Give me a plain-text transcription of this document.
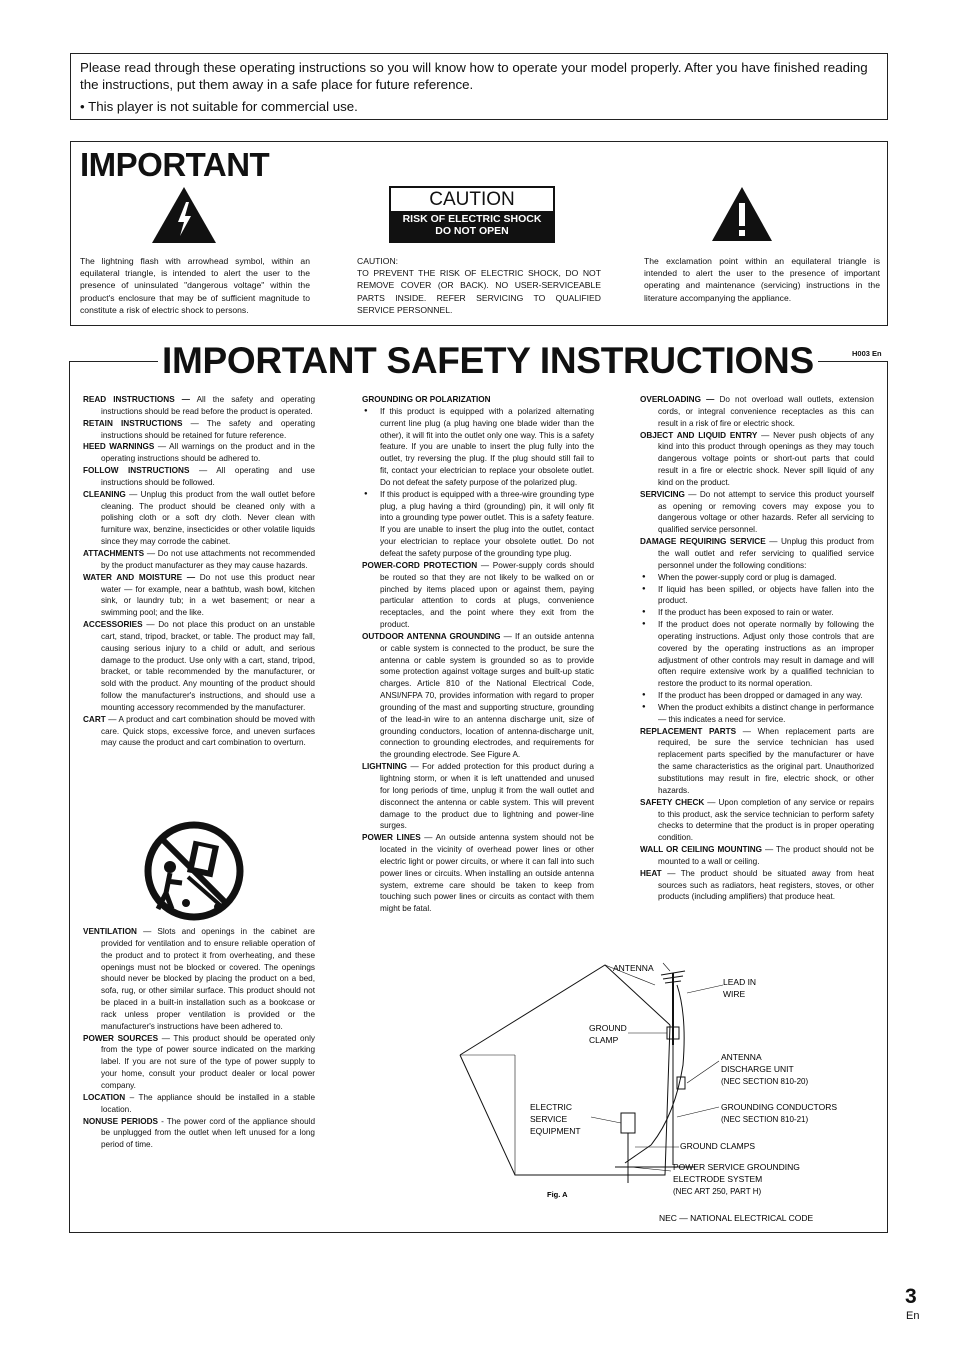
Please read through these operating instructions so you will know how to operate your model properly. After you have finished reading the instructions, put them away in a safe place for future reference.

• This player is not suitable for commercial use.

IMPORTANT
CAUTION
RISK OF ELECTRIC SHOCK
DO NOT OPEN
The lightning flash with arrowhead symbol, within an equilateral triangle, is intended to alert the user to the presence of uninsulated "dangerous voltage" within the product's enclosure that may be of sufficient magnitude to constitute a risk of electric shock to persons.
CAUTION:
TO PREVENT THE RISK OF ELECTRIC SHOCK, DO NOT REMOVE COVER (OR BACK). NO USER-SERVICEABLE PARTS INSIDE. REFER SERVICING TO QUALIFIED SERVICE PERSONNEL.
The exclamation point within an equilateral triangle is intended to alert the user to the presence of important operating and maintenance (servicing) instructions in the literature accompanying the appliance.
IMPORTANT SAFETY INSTRUCTIONS	H003 En

READ INSTRUCTIONS — All the safety and operating instructions should be read before the product is operated.

RETAIN INSTRUCTIONS — The safety and operating instructions should be retained for future reference.

HEED WARNINGS — All warnings on the product and in the operating instructions should be adhered to.

FOLLOW INSTRUCTIONS — All operating and use instructions should be followed.

CLEANING — Unplug this product from the wall outlet before cleaning. The product should be cleaned only with a polishing cloth or a soft dry cloth. Never clean with furniture wax, benzine, insecticides or other volatile liquids since they may corrode the cabinet.

ATTACHMENTS — Do not use attachments not recommended by the product manufacturer as they may cause hazards.

WATER AND MOISTURE — Do not use this product near water — for example, near a bathtub, wash bowl, kitchen sink, or laundry tub; in a wet basement; or near a swimming pool; and the like.

ACCESSORIES — Do not place this product on an unstable cart, stand, tripod, bracket, or table. The product may fall, causing serious injury to a child or adult, and serious damage to the product. Use only with a cart, stand, tripod, bracket, or table recommended by the manufacturer, or sold with the product. Any mounting of the product should follow the manufacturer's instructions, and should use a mounting accessory recommended by the manufacturer.

CART — A product and cart combination should be moved with care. Quick stops, excessive force, and uneven surfaces may cause the product and cart combination to overturn.

VENTILATION — Slots and openings in the cabinet are provided for ventilation and to ensure reliable operation of the product and to protect it from overheating, and these openings must not be blocked or covered. The openings should never be blocked by placing the product on a bed, sofa, rug, or other similar surface. This product should not be placed in a built-in installation such as a bookcase or rack unless proper ventilation is provided or the manufacturer's instructions have been adhered to.

POWER SOURCES — This product should be operated only from the type of power source indicated on the marking label. If you are not sure of the type of power supply to your home, consult your product dealer or local power company.

LOCATION – The appliance should be installed in a stable location.

NONUSE PERIODS - The power cord of the appliance should be unplugged from the outlet when left unused for a long period of time.

GROUNDING OR POLARIZATION

● If this product is equipped with a polarized alternating current line plug (a plug having one blade wider than the other), it will fit into the outlet only one way. This is a safety feature. If you are unable to insert the plug fully into the outlet, try reversing the plug. If the plug should still fail to fit, contact your electrician to replace your obsolete outlet. Do not defeat the safety purpose of the polarized plug.

● If this product is equipped with a three-wire grounding type plug, a plug having a third (grounding) pin, it will only fit into a grounding type power outlet. This is a safety feature. If you are unable to insert the plug into the outlet, contact your electrician to replace your obsolete outlet. Do not defeat the safety purpose of the grounding type plug.

POWER-CORD PROTECTION — Power-supply cords should be routed so that they are not likely to be walked on or pinched by items placed upon or against them, paying particular attention to cords at plugs, convenience receptacles, and the point where they exit from the product.

OUTDOOR ANTENNA GROUNDING — If an outside antenna or cable system is connected to the product, be sure the antenna or cable system is grounded so as to provide some protection against voltage surges and built-up static charges. Article 810 of the National Electrical Code, ANSI/NFPA 70, provides information with regard to proper grounding of the mast and supporting structure, grounding of the lead-in wire to an antenna discharge unit, size of grounding conductors, location of antenna-discharge unit, connection to grounding electrodes, and requirements for the grounding electrode. See Figure A.

LIGHTNING — For added protection for this product during a lightning storm, or when it is left unattended and unused for long periods of time, unplug it from the wall outlet and disconnect the antenna or cable system. This will prevent damage to the product due to lightning and power-line surges.

POWER LINES — An outside antenna system should not be located in the vicinity of overhead power lines or other electric light or power circuits, or where it can fall into such power lines or circuits. When installing an outside antenna system, extreme care should be taken to keep from touching such power lines or circuits as contact with them might be fatal.

OVERLOADING — Do not overload wall outlets, extension cords, or integral convenience receptacles as this can result in a risk of fire or electric shock.

OBJECT AND LIQUID ENTRY — Never push objects of any kind into this product through openings as they may touch dangerous voltage points or short-out parts that could result in a fire or electric shock. Never spill liquid of any kind on the product.

SERVICING — Do not attempt to service this product yourself as opening or removing covers may expose you to dangerous voltage or other hazards. Refer all servicing to qualified service personnel.

DAMAGE REQUIRING SERVICE — Unplug this product from the wall outlet and refer servicing to qualified service personnel under the following conditions:

● When the power-supply cord or plug is damaged.

● If liquid has been spilled, or objects have fallen into the product.

● If the product has been exposed to rain or water.

● If the product does not operate normally by following the operating instructions. Adjust only those controls that are covered by the operating instructions as an improper adjustment of other controls may result in damage and will often require extensive work by a qualified technician to restore the product to its normal operation.

● If the product has been dropped or damaged in any way.

● When the product exhibits a distinct change in performance — this indicates a need for service.

REPLACEMENT PARTS — When replacement parts are required, be sure the service technician has used replacement parts specified by the manufacturer or have the same characteristics as the original part. Unauthorized substitutions may result in fire, electric shock, or other hazards.

SAFETY CHECK — Upon completion of any service or repairs to this product, ask the service technician to perform safety checks to determine that the product is in proper operating condition.

WALL OR CEILING MOUNTING — The product should not be mounted to a wall or ceiling.

HEAT — The product should be situated away from heat sources such as radiators, heat registers, stoves, or other products (including amplifiers) that produce heat.

ANTENNA
LEAD IN
WIRE
GROUND
CLAMP
ANTENNA
DISCHARGE UNIT
(NEC SECTION 810-20)
ELECTRIC
SERVICE
EQUIPMENT
GROUNDING CONDUCTORS
(NEC SECTION 810-21)
GROUND CLAMPS
POWER SERVICE GROUNDING
ELECTRODE SYSTEM
(NEC ART 250, PART H)
Fig. A
NEC — NATIONAL ELECTRICAL CODE
3
En
